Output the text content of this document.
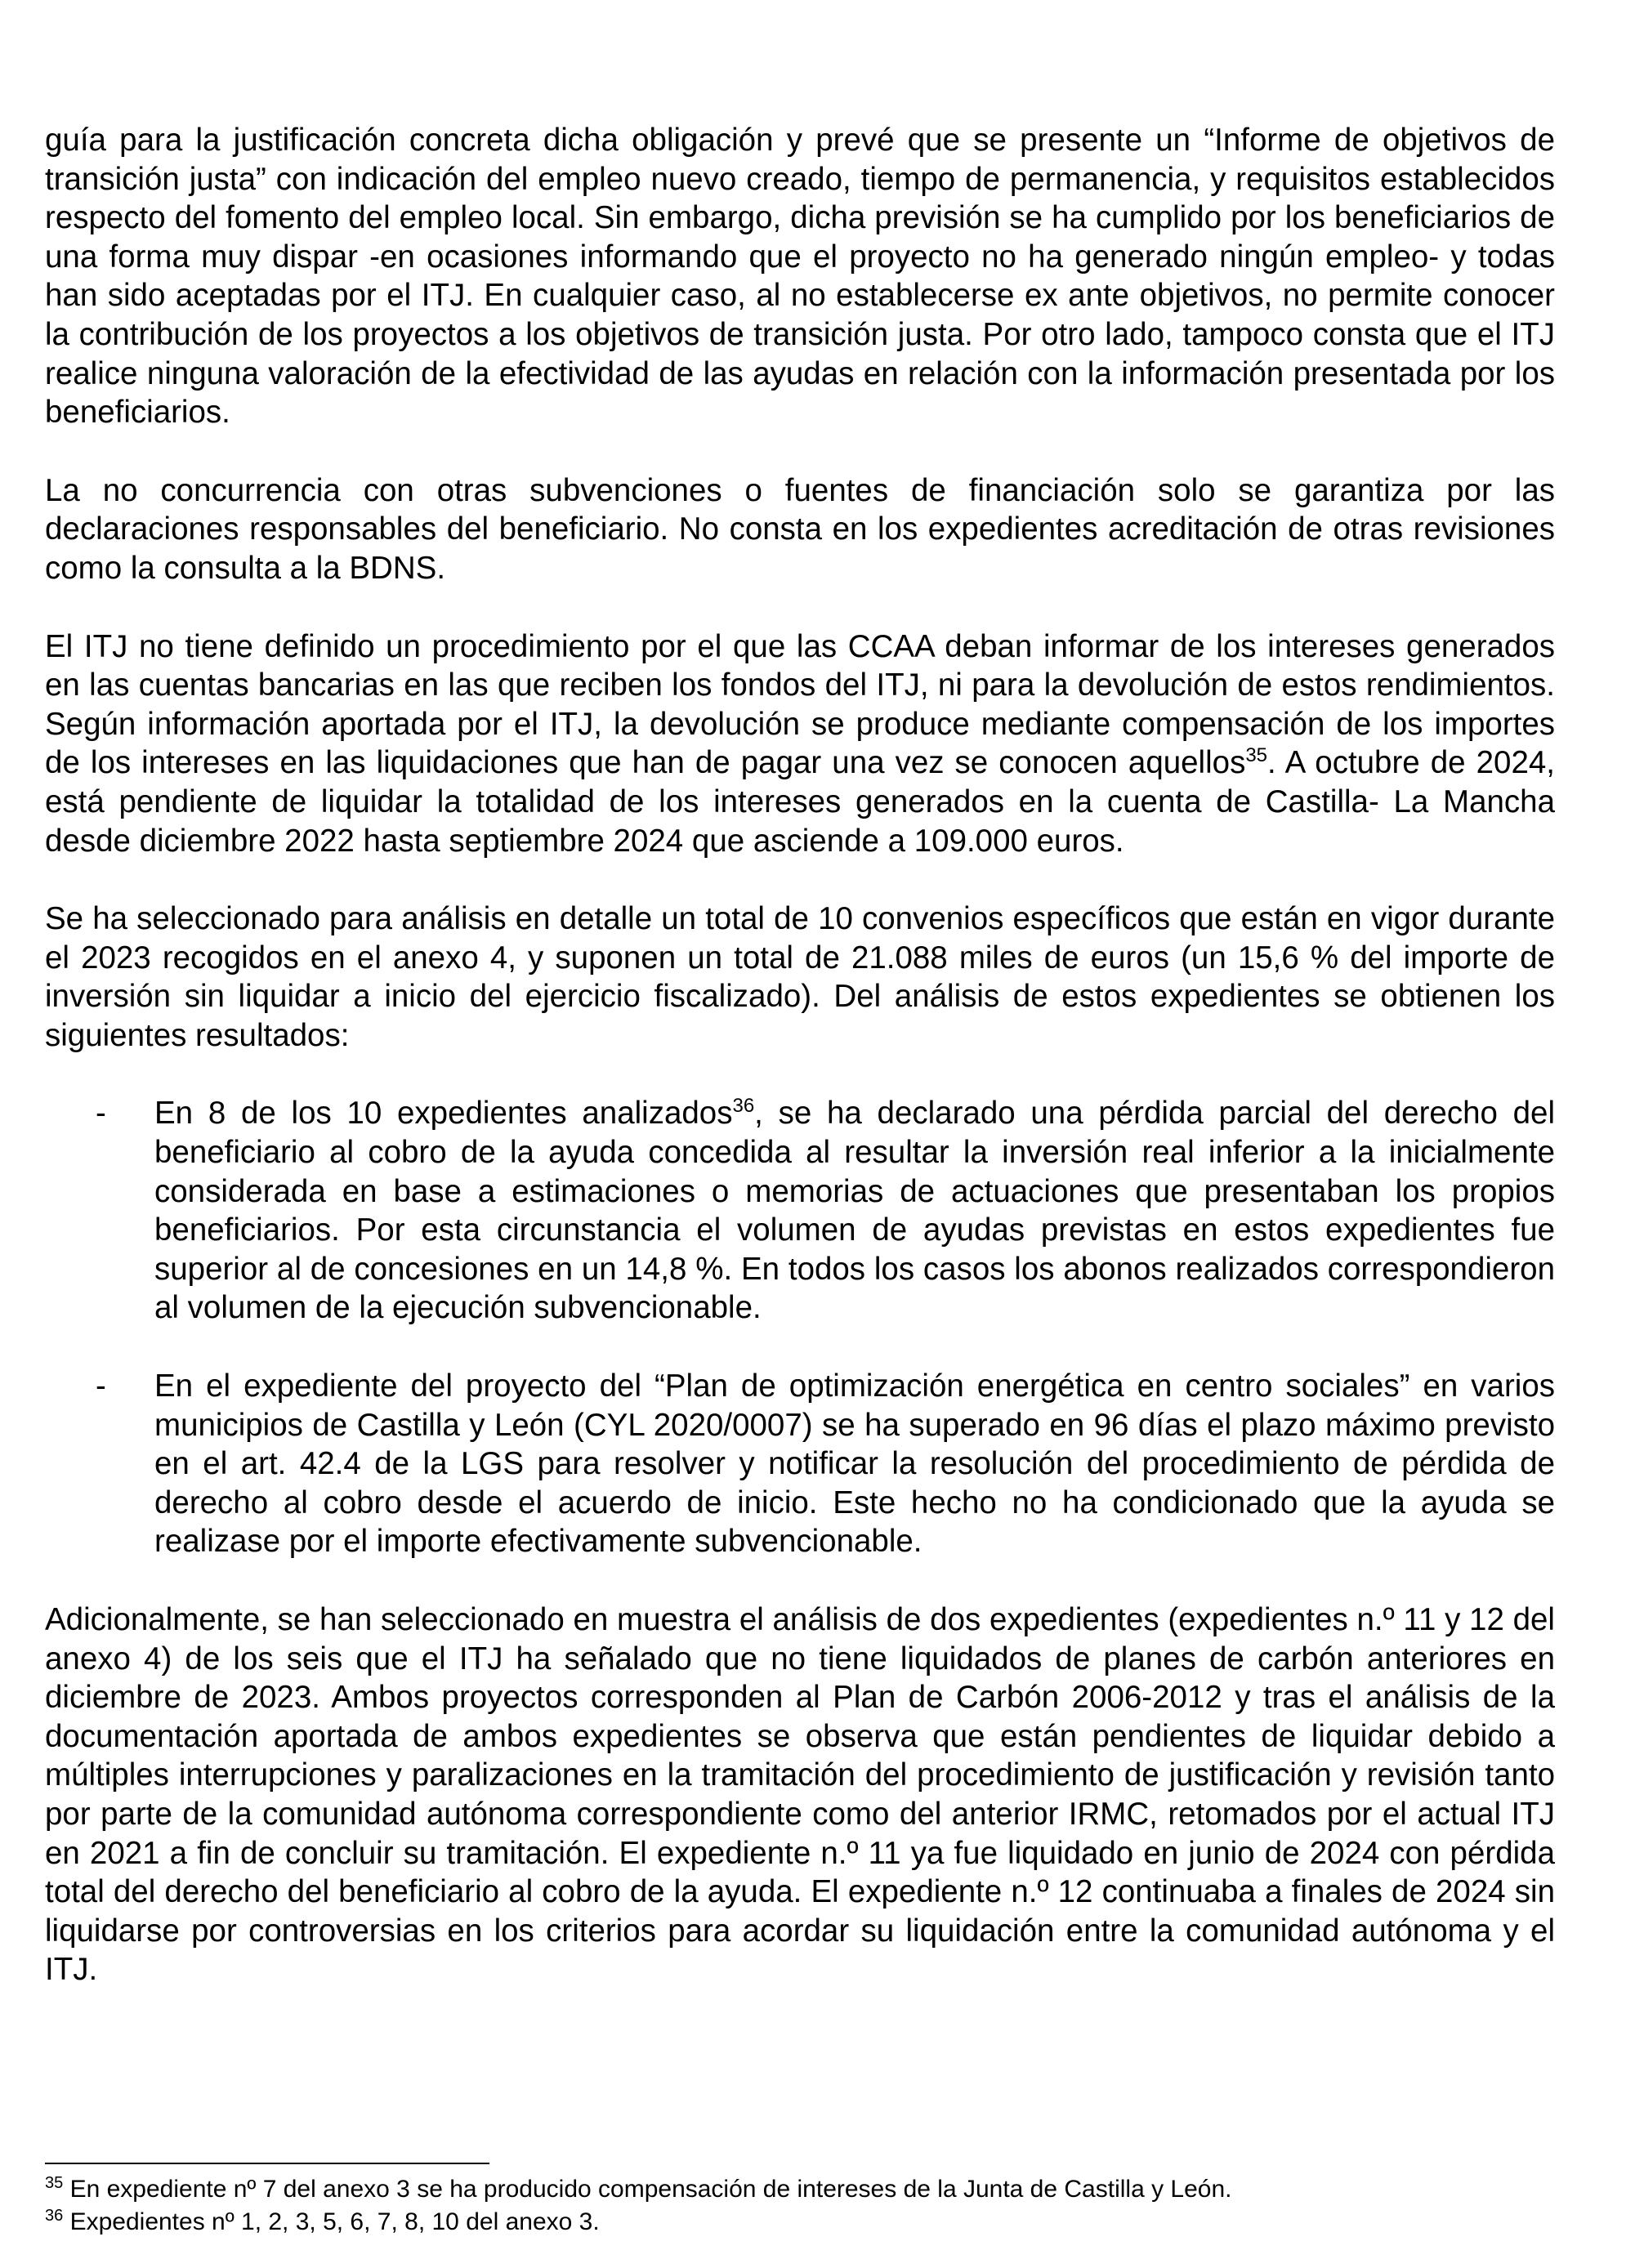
guía para la justificación concreta dicha obligación y prevé que se presente un “Informe de objetivos de transición justa” con indicación del empleo nuevo creado, tiempo de permanencia, y requisitos establecidos respecto del fomento del empleo local. Sin embargo, dicha previsión se ha cumplido por los beneficiarios de una forma muy dispar -en ocasiones informando que el proyecto no ha generado ningún empleo- y todas han sido aceptadas por el ITJ. En cualquier caso, al no establecerse ex ante objetivos, no permite conocer la contribución de los proyectos a los objetivos de transición justa. Por otro lado, tampoco consta que el ITJ realice ninguna valoración de la efectividad de las ayudas en relación con la información presentada por los beneficiarios.

La no concurrencia con otras subvenciones o fuentes de financiación solo se garantiza por las declaraciones responsables del beneficiario. No consta en los expedientes acreditación de otras revisiones como la consulta a la BDNS.

El ITJ no tiene definido un procedimiento por el que las CCAA deban informar de los intereses generados en las cuentas bancarias en las que reciben los fondos del ITJ, ni para la devolución de estos rendimientos. Según información aportada por el ITJ, la devolución se produce mediante compensación de los importes de los intereses en las liquidaciones que han de pagar una vez se conocen aquellos$^{35}$. A octubre de 2024, está pendiente de liquidar la totalidad de los intereses generados en la cuenta de Castilla- La Mancha desde diciembre 2022 hasta septiembre 2024 que asciende a 109.000 euros.

Se ha seleccionado para análisis en detalle un total de 10 convenios específicos que están en vigor durante el 2023 recogidos en el anexo 4, y suponen un total de 21.088 miles de euros (un 15,6 % del importe de inversión sin liquidar a inicio del ejercicio fiscalizado). Del análisis de estos expedientes se obtienen los siguientes resultados:

-	En 8 de los 10 expedientes analizados$^{36}$, se ha declarado una pérdida parcial del derecho del beneficiario al cobro de la ayuda concedida al resultar la inversión real inferior a la inicialmente considerada en base a estimaciones o memorias de actuaciones que presentaban los propios beneficiarios. Por esta circunstancia el volumen de ayudas previstas en estos expedientes fue superior al de concesiones en un 14,8 %. En todos los casos los abonos realizados correspondieron al volumen de la ejecución subvencionable.

-	En el expediente del proyecto del “Plan de optimización energética en centro sociales” en varios municipios de Castilla y León (CYL 2020/0007) se ha superado en 96 días el plazo máximo previsto en el art. 42.4 de la LGS para resolver y notificar la resolución del procedimiento de pérdida de derecho al cobro desde el acuerdo de inicio. Este hecho no ha condicionado que la ayuda se realizase por el importe efectivamente subvencionable.

Adicionalmente, se han seleccionado en muestra el análisis de dos expedientes (expedientes n.º 11 y 12 del anexo 4) de los seis que el ITJ ha señalado que no tiene liquidados de planes de carbón anteriores en diciembre de 2023. Ambos proyectos corresponden al Plan de Carbón 2006-2012 y tras el análisis de la documentación aportada de ambos expedientes se observa que están pendientes de liquidar debido a múltiples interrupciones y paralizaciones en la tramitación del procedimiento de justificación y revisión tanto por parte de la comunidad autónoma correspondiente como del anterior IRMC, retomados por el actual ITJ en 2021 a fin de concluir su tramitación. El expediente n.º 11 ya fue liquidado en junio de 2024 con pérdida total del derecho del beneficiario al cobro de la ayuda. El expediente n.º 12 continuaba a finales de 2024 sin liquidarse por controversias en los criterios para acordar su liquidación entre la comunidad autónoma y el ITJ.

$^{35}$ En expediente nº 7 del anexo 3 se ha producido compensación de intereses de la Junta de Castilla y León.

$^{36}$ Expedientes nº 1, 2, 3, 5, 6, 7, 8, 10 del anexo 3.
